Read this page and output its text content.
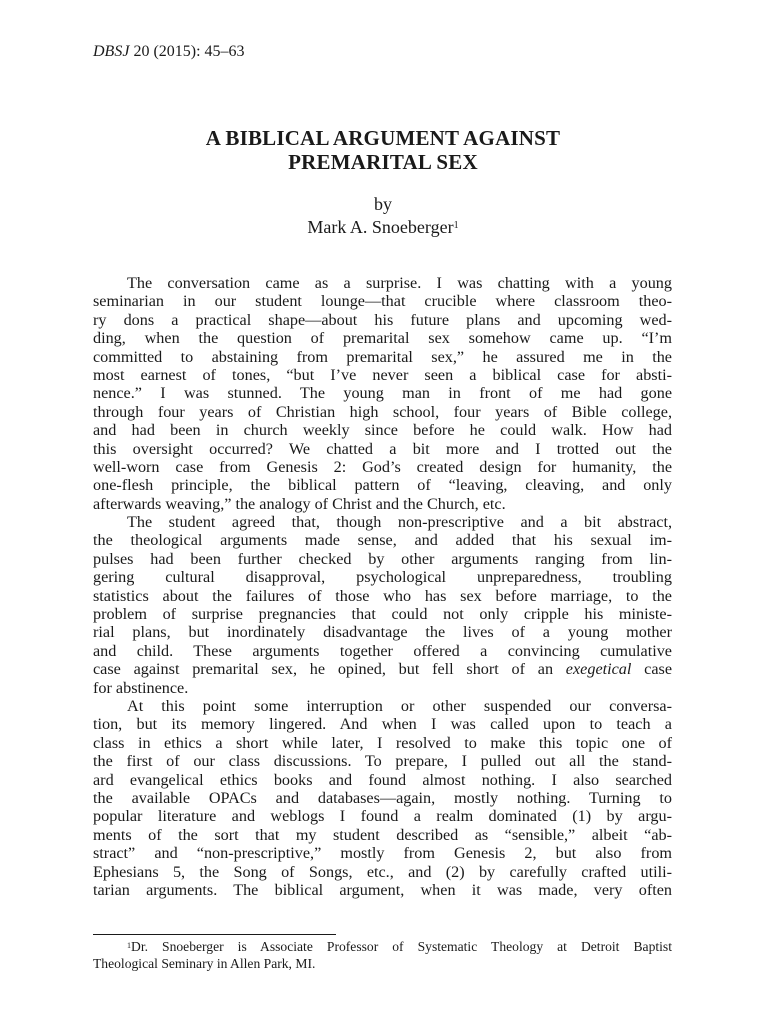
DBSJ 20 (2015): 45–63
A BIBLICAL ARGUMENT AGAINST
PREMARITAL SEX
by
Mark A. Snoeberger$^1$
The conversation came as a surprise. I was chatting with a young
seminarian in our student lounge—that crucible where classroom theo-
ry dons a practical shape—about his future plans and upcoming wed-
ding, when the question of premarital sex somehow came up. “I’m
committed to abstaining from premarital sex,” he assured me in the
most earnest of tones, “but I’ve never seen a biblical case for absti-
nence.” I was stunned. The young man in front of me had gone
through four years of Christian high school, four years of Bible college,
and had been in church weekly since before he could walk. How had
this oversight occurred? We chatted a bit more and I trotted out the
well-worn case from Genesis 2: God’s created design for humanity, the
one-flesh principle, the biblical pattern of “leaving, cleaving, and only
afterwards weaving,” the analogy of Christ and the Church, etc.
The student agreed that, though non-prescriptive and a bit abstract,
the theological arguments made sense, and added that his sexual im-
pulses had been further checked by other arguments ranging from lin-
gering cultural disapproval, psychological unpreparedness, troubling
statistics about the failures of those who has sex before marriage, to the
problem of surprise pregnancies that could not only cripple his ministe-
rial plans, but inordinately disadvantage the lives of a young mother
and child. These arguments together offered a convincing cumulative
case against premarital sex, he opined, but fell short of an exegetical case
for abstinence.
At this point some interruption or other suspended our conversa-
tion, but its memory lingered. And when I was called upon to teach a
class in ethics a short while later, I resolved to make this topic one of
the first of our class discussions. To prepare, I pulled out all the stand-
ard evangelical ethics books and found almost nothing. I also searched
the available OPACs and databases—again, mostly nothing. Turning to
popular literature and weblogs I found a realm dominated (1) by argu-
ments of the sort that my student described as “sensible,” albeit “ab-
stract” and “non-prescriptive,” mostly from Genesis 2, but also from
Ephesians 5, the Song of Songs, etc., and (2) by carefully crafted utili-
tarian arguments. The biblical argument, when it was made, very often
$^1$Dr. Snoeberger is Associate Professor of Systematic Theology at Detroit Baptist
Theological Seminary in Allen Park, MI.
